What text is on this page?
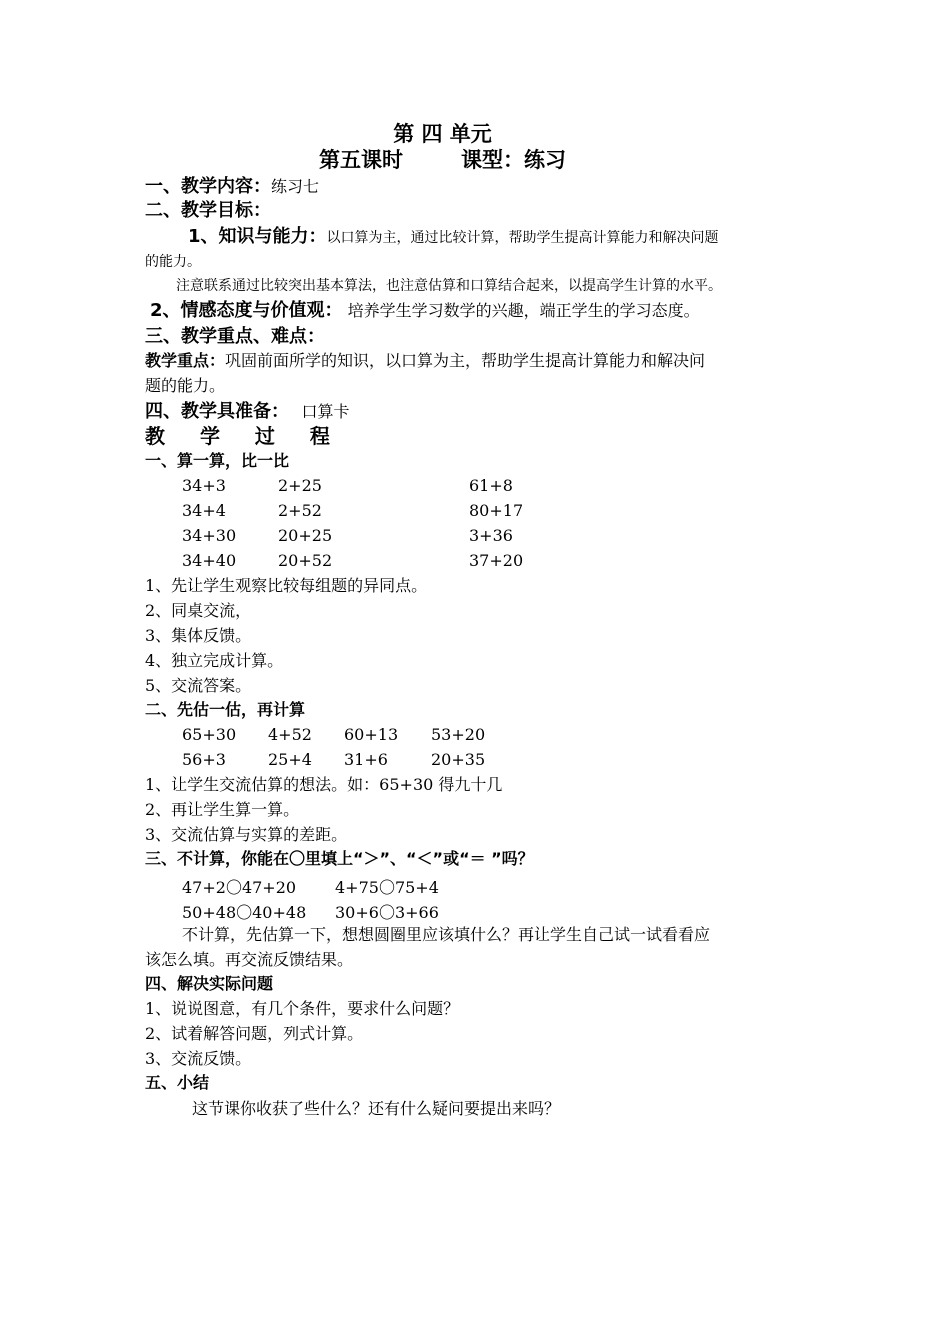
第 四 单元
第五课时	课型：练习
一、教学内容：练习七
二、教学目标：
1、知识与能力：以口算为主，通过比较计算，帮助学生提高计算能力和解决问题
的能力。
注意联系通过比较突出基本算法，也注意估算和口算结合起来，以提高学生计算的水平。
2、情感态度与价值观： 培养学生学习数学的兴趣，端正学生的学习态度。
三、教学重点、难点：
教学重点：巩固前面所学的知识，以口算为主，帮助学生提高计算能力和解决问
题的能力。
四、教学具准备： 口算卡
教 学 过 程
一、算一算，比一比
34+3	2+25	61+8
34+4	2+52	80+17
34+30	20+25	3+36
34+40	20+52	37+20
1、先让学生观察比较每组题的异同点。
2、同桌交流，
3、集体反馈。
4、独立完成计算。
5、交流答案。
二、先估一估，再计算
65+30 4+52 60+13 53+20
56+3	25+4 31+6	20+35
1、让学生交流估算的想法。如：65+30 得九十几
2、再让学生算一算。
3、交流估算与实算的差距。
三、不计算，你能在〇里填上“＞”、“＜”或“＝ ”吗？
47+2〇47+20 4+75〇75+4
50+48〇40+48 30+6〇3+66
不计算，先估算一下，想想圆圈里应该填什么？再让学生自己试一试看看应
该怎么填。再交流反馈结果。
四、解决实际问题
1、说说图意，有几个条件，要求什么问题？
2、试着解答问题，列式计算。
3、交流反馈。
五、小结
这节课你收获了些什么？还有什么疑问要提出来吗？
